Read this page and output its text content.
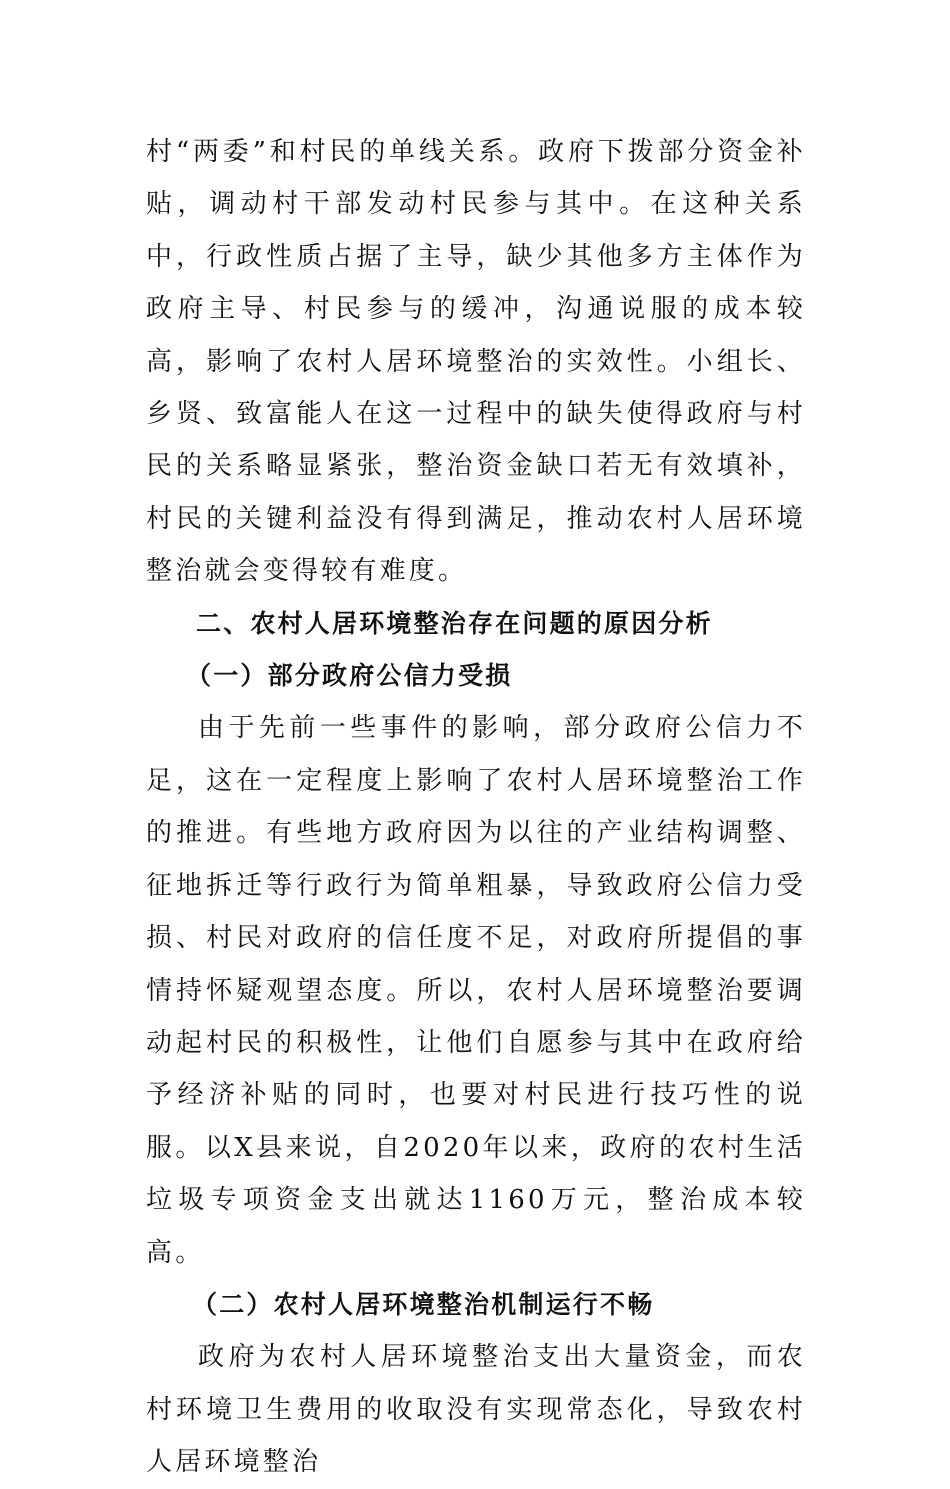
村“两委”和村民的单线关系。政府下拨部分资金补贴，调动村干部发动村民参与其中。在这种关系中，行政性质占据了主导，缺少其他多方主体作为政府主导、村民参与的缓冲，沟通说服的成本较高，影响了农村人居环境整治的实效性。小组长、乡贤、致富能人在这一过程中的缺失使得政府与村民的关系略显紧张，整治资金缺口若无有效填补，村民的关键利益没有得到满足，推动农村人居环境整治就会变得较有难度。

二、农村人居环境整治存在问题的原因分析

（一）部分政府公信力受损

由于先前一些事件的影响，部分政府公信力不足，这在一定程度上影响了农村人居环境整治工作的推进。有些地方政府因为以往的产业结构调整、征地拆迁等行政行为简单粗暴，导致政府公信力受损、村民对政府的信任度不足，对政府所提倡的事情持怀疑观望态度。所以，农村人居环境整治要调动起村民的积极性，让他们自愿参与其中在政府给予经济补贴的同时，也要对村民进行技巧性的说服。以X县来说，自2020年以来，政府的农村生活垃圾专项资金支出就达1160万元，整治成本较高。

（二）农村人居环境整治机制运行不畅

政府为农村人居环境整治支出大量资金，而农村环境卫生费用的收取没有实现常态化，导致农村人居环境整治
